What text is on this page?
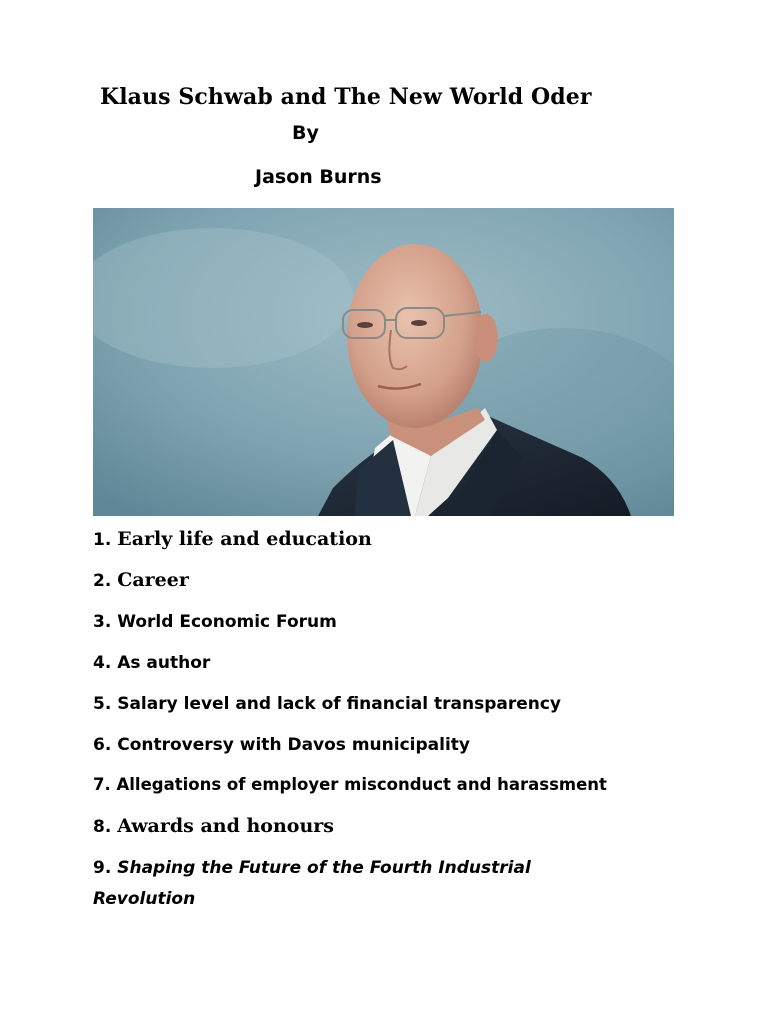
Klaus Schwab and The New World Oder
By
Jason Burns
1. Early life and education
2. Career
3. World Economic Forum
4. As author
5. Salary level and lack of financial transparency
6. Controversy with Davos municipality
7. Allegations of employer misconduct and harassment
8. Awards and honours
9. Shaping the Future of the Fourth Industrial Revolution
